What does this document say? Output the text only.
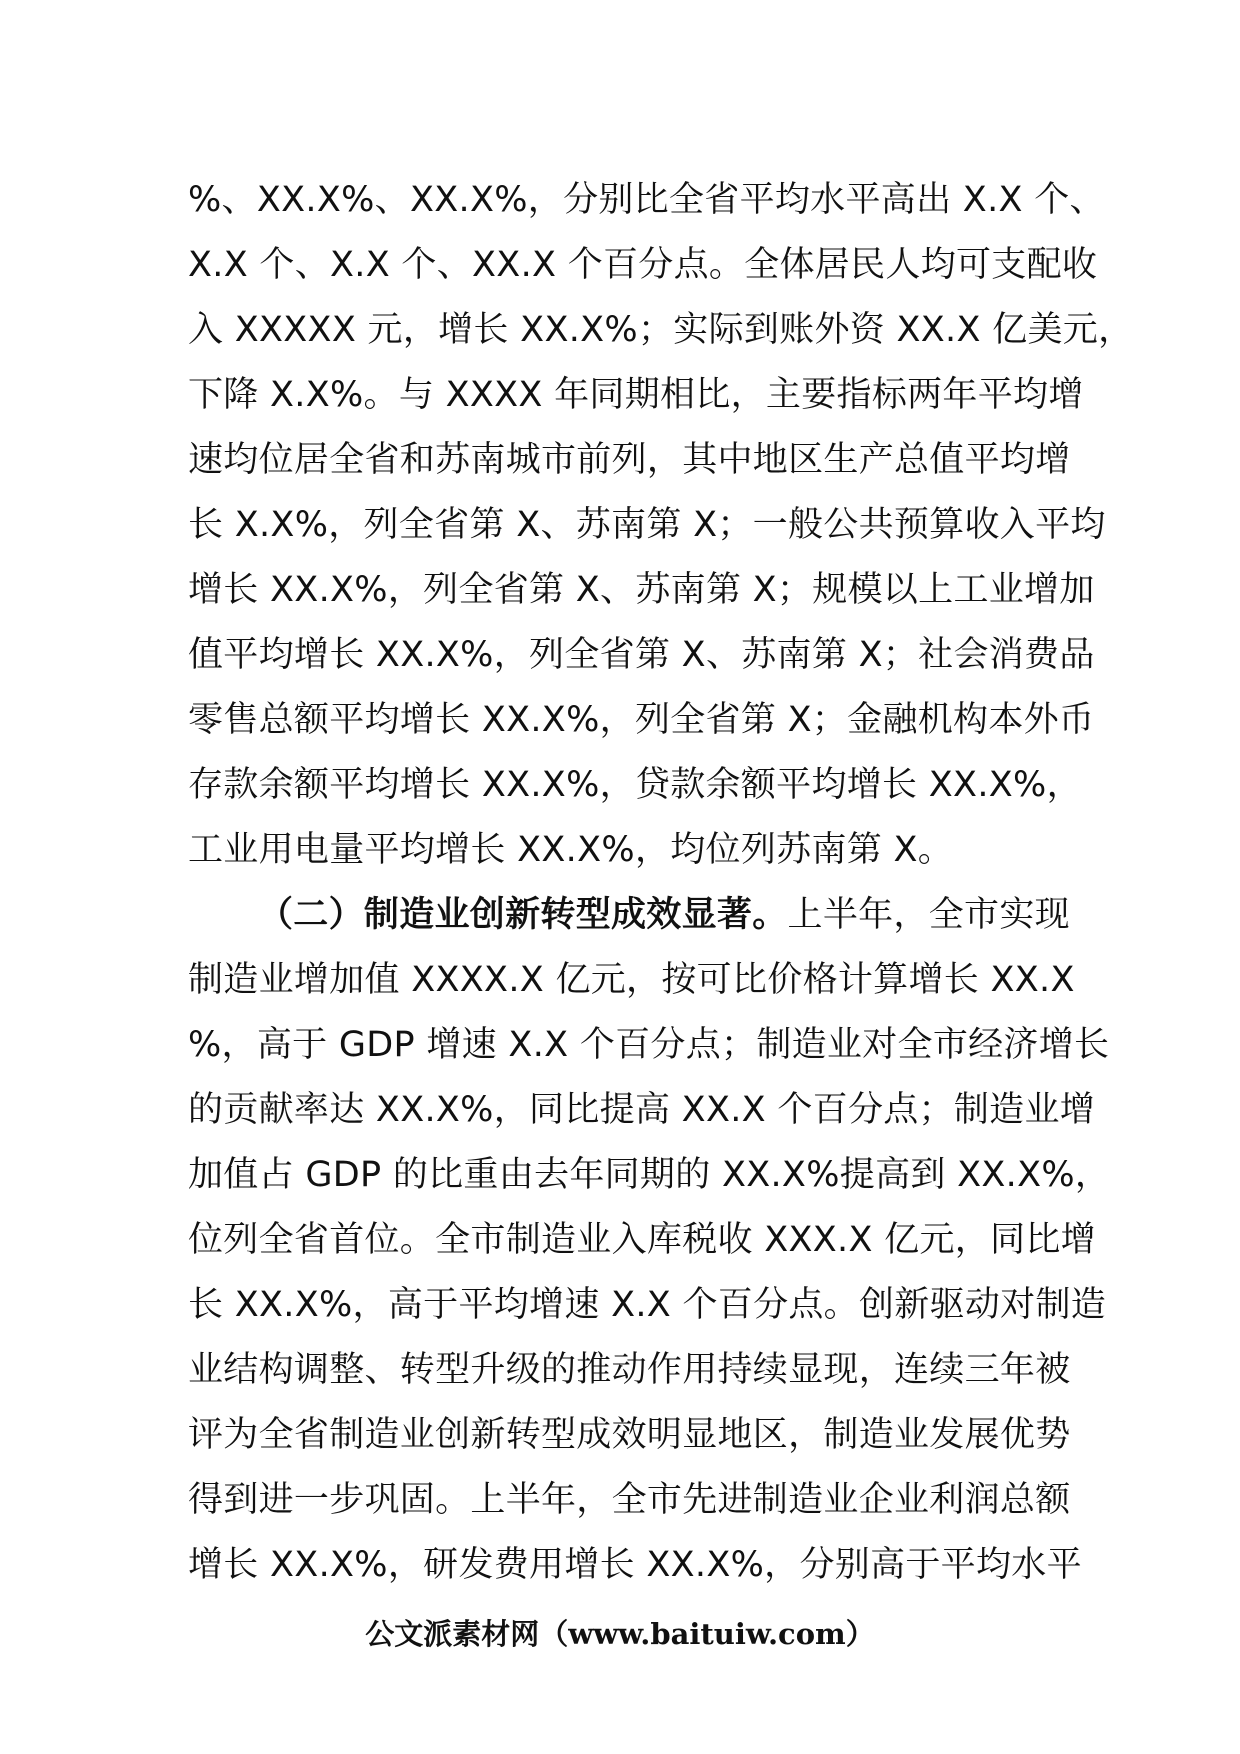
%、XX.X%、XX.X%，分别比全省平均水平高出 X.X 个、
X.X 个、X.X 个、XX.X 个百分点。全体居民人均可支配收
入 XXXXX 元，增长 XX.X%；实际到账外资 XX.X 亿美元，
下降 X.X%。与 XXXX 年同期相比，主要指标两年平均增
速均位居全省和苏南城市前列，其中地区生产总值平均增
长 X.X%，列全省第 X、苏南第 X；一般公共预算收入平均
增长 XX.X%，列全省第 X、苏南第 X；规模以上工业增加
值平均增长 XX.X%，列全省第 X、苏南第 X；社会消费品
零售总额平均增长 XX.X%，列全省第 X；金融机构本外币
存款余额平均增长 XX.X%，贷款余额平均增长 XX.X%，
工业用电量平均增长 XX.X%，均位列苏南第 X。
（二）制造业创新转型成效显著。上半年，全市实现
制造业增加值 XXXX.X 亿元，按可比价格计算增长 XX.X
%，高于 GDP 增速 X.X 个百分点；制造业对全市经济增长
的贡献率达 XX.X%，同比提高 XX.X 个百分点；制造业增
加值占 GDP 的比重由去年同期的 XX.X%提高到 XX.X%，
位列全省首位。全市制造业入库税收 XXX.X 亿元，同比增
长 XX.X%，高于平均增速 X.X 个百分点。创新驱动对制造
业结构调整、转型升级的推动作用持续显现，连续三年被
评为全省制造业创新转型成效明显地区，制造业发展优势
得到进一步巩固。上半年，全市先进制造业企业利润总额
增长 XX.X%，研发费用增长 XX.X%，分别高于平均水平
公文派素材网（www.baituiw.com）
